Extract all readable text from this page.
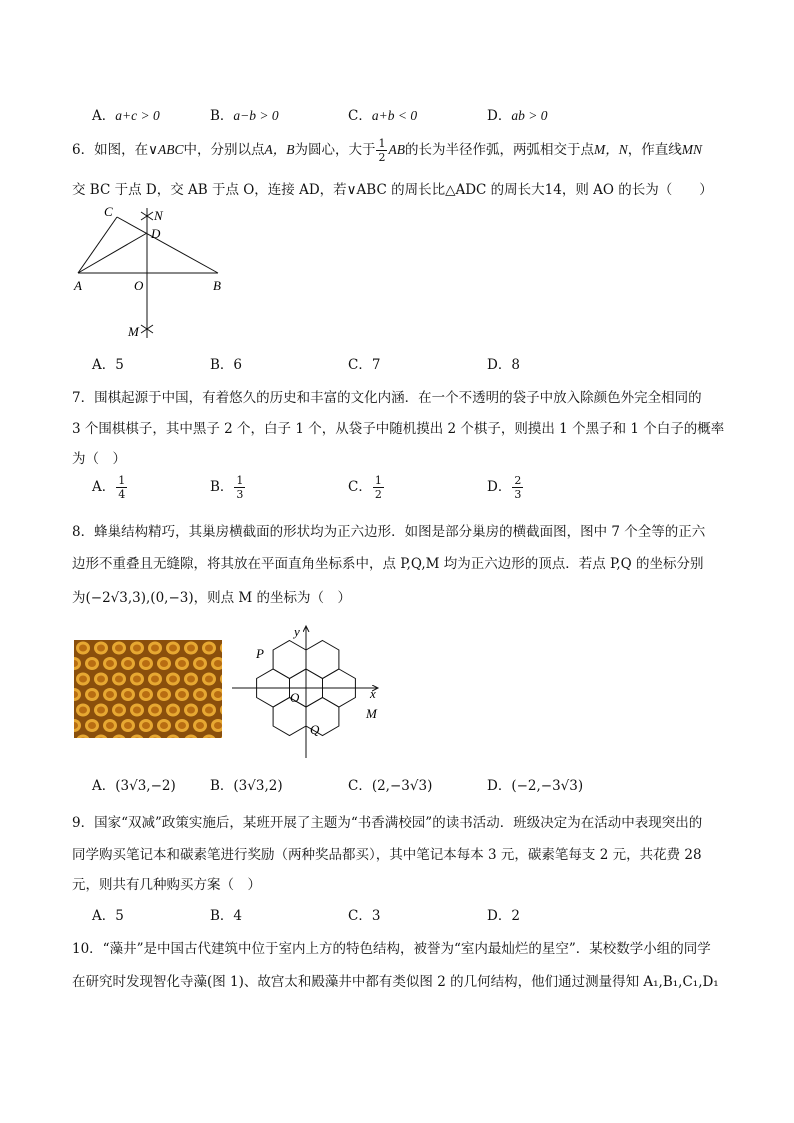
A．a+c > 0	B．a−b > 0	C．a+b < 0	D．ab > 0
6．如图，在∨ABC中，分别以点A，B为圆心，大于 $\frac{1}{2}$ AB的长为半径作弧，两弧相交于点M，N，作直线MN
交 BC 于点 D，交 AB 于点 O，连接 AD，若∨ABC 的周长比△ADC 的周长大14，则 AO 的长为（　　）
C	N
D
A	O	B
M
A．5	B．6	C．7	D．8
7．围棋起源于中国，有着悠久的历史和丰富的文化内涵．在一个不透明的袋子中放入除颜色外完全相同的
3 个围棋棋子，其中黑子 2 个，白子 1 个，从袋子中随机摸出 2 个棋子，则摸出 1 个黑子和 1 个白子的概率
为（　）
A． $\frac{1}{4}$	B． $\frac{1}{3}$	C． $\frac{1}{2}$	D． $\frac{2}{3}$
8．蜂巢结构精巧，其巢房横截面的形状均为正六边形．如图是部分巢房的横截面图，图中 7 个全等的正六
边形不重叠且无缝隙，将其放在平面直角坐标系中，点 P,Q,M 均为正六边形的顶点．若点 P,Q 的坐标分别
为(−2√3,3),(0,−3)，则点 M 的坐标为（　）
y
x
P
O
Q
M
A．(3√3,−2)	B．(3√3,2)	C．(2,−3√3)	D．(−2,−3√3)
9．国家“双减”政策实施后，某班开展了主题为“书香满校园”的读书活动．班级决定为在活动中表现突出的
同学购买笔记本和碳素笔进行奖励（两种奖品都买），其中笔记本每本 3 元，碳素笔每支 2 元，共花费 28
元，则共有几种购买方案（　）
A．5	B．4	C．3	D．2
10．“藻井”是中国古代建筑中位于室内上方的特色结构，被誉为“室内最灿烂的星空”．某校数学小组的同学
在研究时发现智化寺藻(图 1)、故宫太和殿藻井中都有类似图 2 的几何结构，他们通过测量得知 A₁,B₁,C₁,D₁
